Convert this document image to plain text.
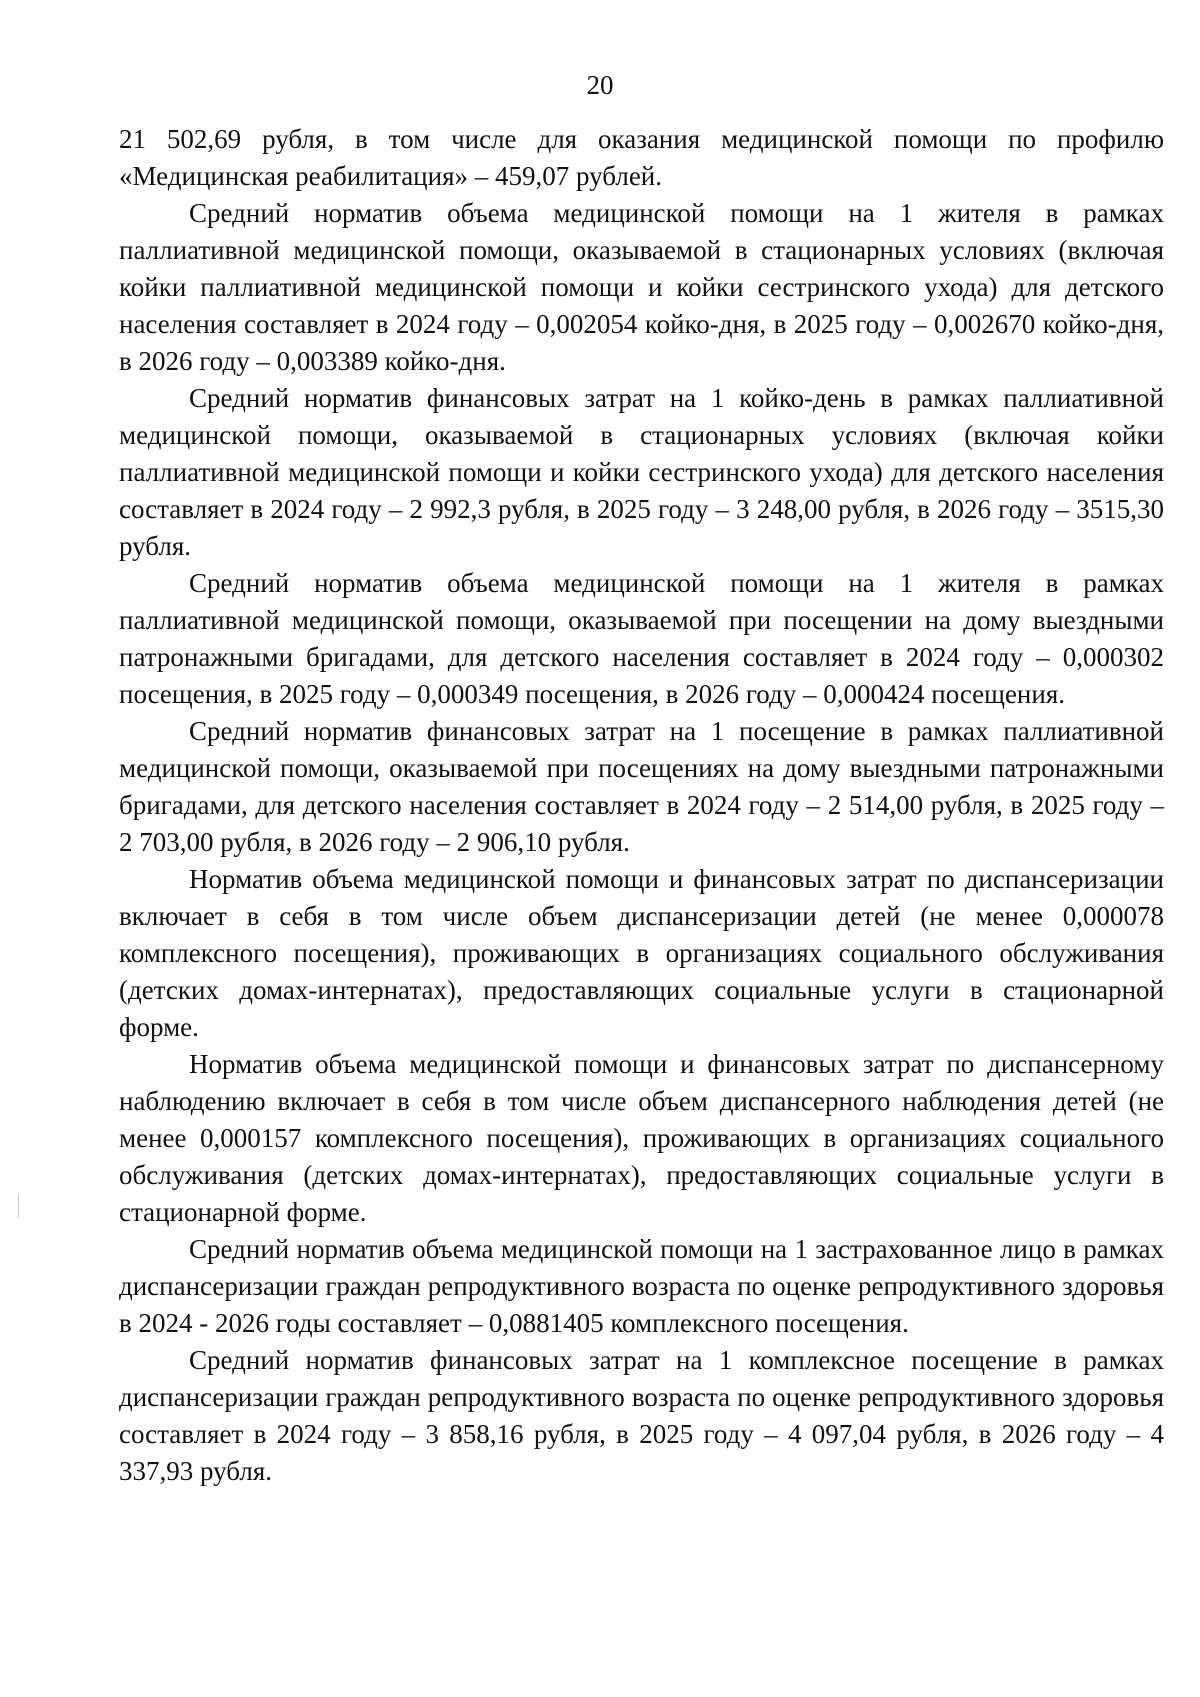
20

21 502,69 рубля, в том числе для оказания медицинской помощи по профилю «Медицинская реабилитация» – 459,07 рублей.

Средний норматив объема медицинской помощи на 1 жителя в рамках паллиативной медицинской помощи, оказываемой в стационарных условиях (включая койки паллиативной медицинской помощи и койки сестринского ухода) для детского населения составляет в 2024 году – 0,002054 койко-дня, в 2025 году – 0,002670 койко-дня, в 2026 году – 0,003389 койко-дня.

Средний норматив финансовых затрат на 1 койко-день в рамках паллиативной медицинской помощи, оказываемой в стационарных условиях (включая койки паллиативной медицинской помощи и койки сестринского ухода) для детского населения составляет в 2024 году – 2 992,3 рубля, в 2025 году – 3 248,00 рубля, в 2026 году – 3515,30 рубля.

Средний норматив объема медицинской помощи на 1 жителя в рамках паллиативной медицинской помощи, оказываемой при посещении на дому выездными патронажными бригадами, для детского населения составляет в 2024 году – 0,000302 посещения, в 2025 году – 0,000349 посещения, в 2026 году – 0,000424 посещения.

Средний норматив финансовых затрат на 1 посещение в рамках паллиативной медицинской помощи, оказываемой при посещениях на дому выездными патронажными бригадами, для детского населения составляет в 2024 году – 2 514,00 рубля, в 2025 году – 2 703,00 рубля, в 2026 году – 2 906,10 рубля.

Норматив объема медицинской помощи и финансовых затрат по диспансеризации включает в себя в том числе объем диспансеризации детей (не менее 0,000078 комплексного посещения), проживающих в организациях социального обслуживания (детских домах-интернатах), предоставляющих социальные услуги в стационарной форме.

Норматив объема медицинской помощи и финансовых затрат по диспансерному наблюдению включает в себя в том числе объем диспансерного наблюдения детей (не менее 0,000157 комплексного посещения), проживающих в организациях социального обслуживания (детских домах-интернатах), предоставляющих социальные услуги в стационарной форме.

Средний норматив объема медицинской помощи на 1 застрахованное лицо в рамках диспансеризации граждан репродуктивного возраста по оценке репродуктивного здоровья в 2024 - 2026 годы составляет – 0,0881405 комплексного посещения.

Средний норматив финансовых затрат на 1 комплексное посещение в рамках диспансеризации граждан репродуктивного возраста по оценке репродуктивного здоровья составляет в 2024 году – 3 858,16 рубля, в 2025 году – 4 097,04 рубля, в 2026 году – 4 337,93 рубля.
